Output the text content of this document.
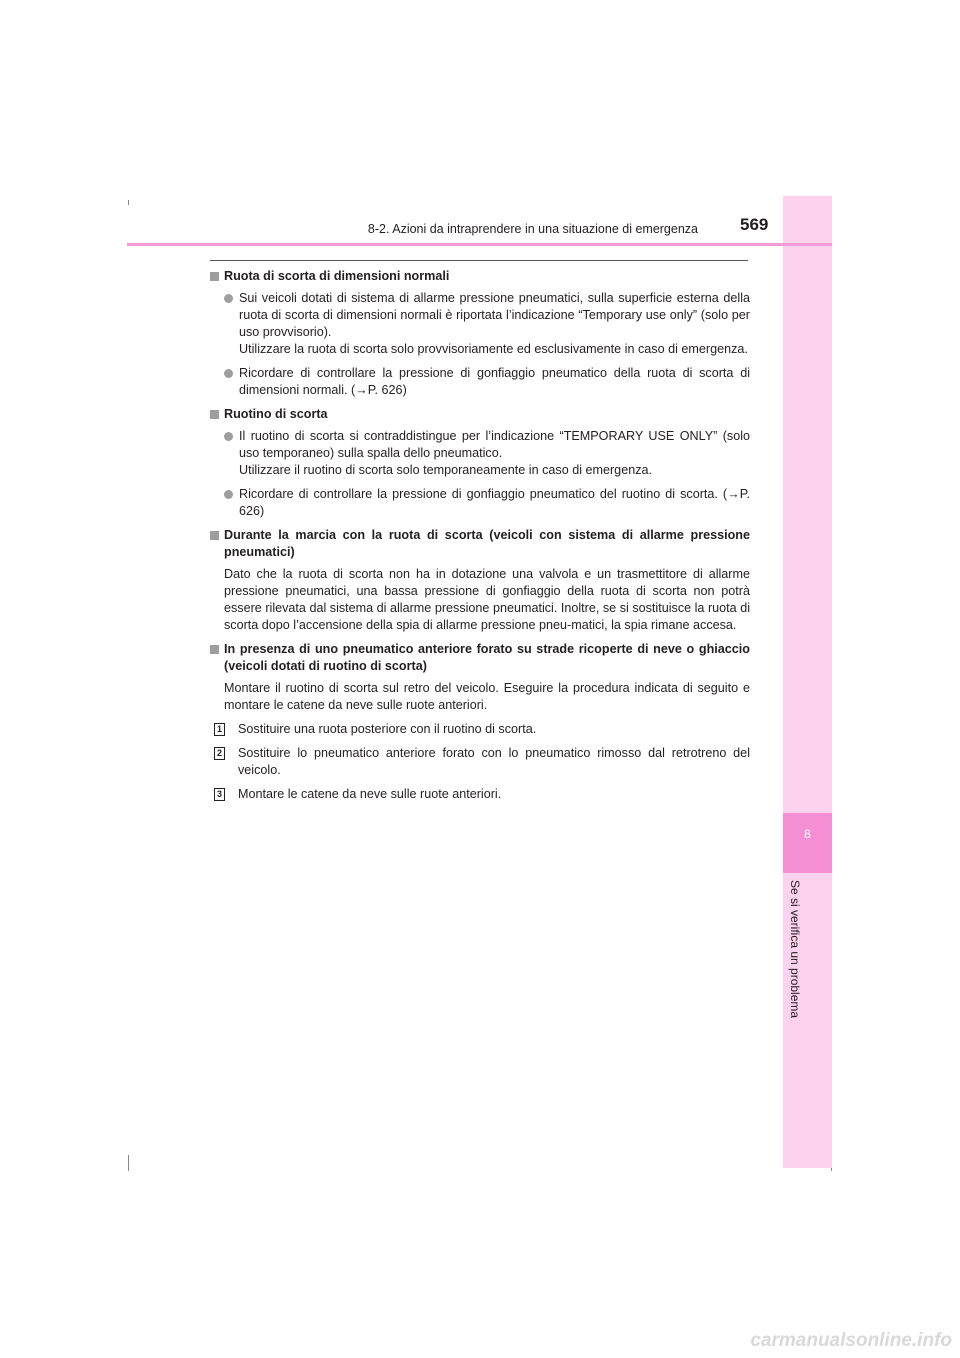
8
Se si verifica un problema
8-2. Azioni da intraprendere in una situazione di emergenza 569
Ruota di scorta di dimensioni normali
Sui veicoli dotati di sistema di allarme pressione pneumatici, sulla superficie esterna della ruota di scorta di dimensioni normali è riportata l’indicazione “Temporary use only” (solo per uso provvisorio).
Utilizzare la ruota di scorta solo provvisoriamente ed esclusivamente in caso di emergenza.
Ricordare di controllare la pressione di gonfiaggio pneumatico della ruota di scorta di dimensioni normali. (→P. 626)
Ruotino di scorta
Il ruotino di scorta si contraddistingue per l’indicazione “TEMPORARY USE ONLY” (solo uso temporaneo) sulla spalla dello pneumatico.
Utilizzare il ruotino di scorta solo temporaneamente in caso di emergenza.
Ricordare di controllare la pressione di gonfiaggio pneumatico del ruotino di scorta. (→P. 626)
Durante la marcia con la ruota di scorta (veicoli con sistema di allarme pressione pneumatici)
Dato che la ruota di scorta non ha in dotazione una valvola e un trasmettitore di allarme pressione pneumatici, una bassa pressione di gonfiaggio della ruota di scorta non potrà essere rilevata dal sistema di allarme pressione pneumatici. Inoltre, se si sostituisce la ruota di scorta dopo l’accensione della spia di allarme pressione pneu-matici, la spia rimane accesa.
In presenza di uno pneumatico anteriore forato su strade ricoperte di neve o ghiaccio (veicoli dotati di ruotino di scorta)
Montare il ruotino di scorta sul retro del veicolo. Eseguire la procedura indicata di seguito e montare le catene da neve sulle ruote anteriori.
1 Sostituire una ruota posteriore con il ruotino di scorta.
2 Sostituire lo pneumatico anteriore forato con lo pneumatico rimosso dal retrotreno del veicolo.
3 Montare le catene da neve sulle ruote anteriori.
carmanualsonline.info
